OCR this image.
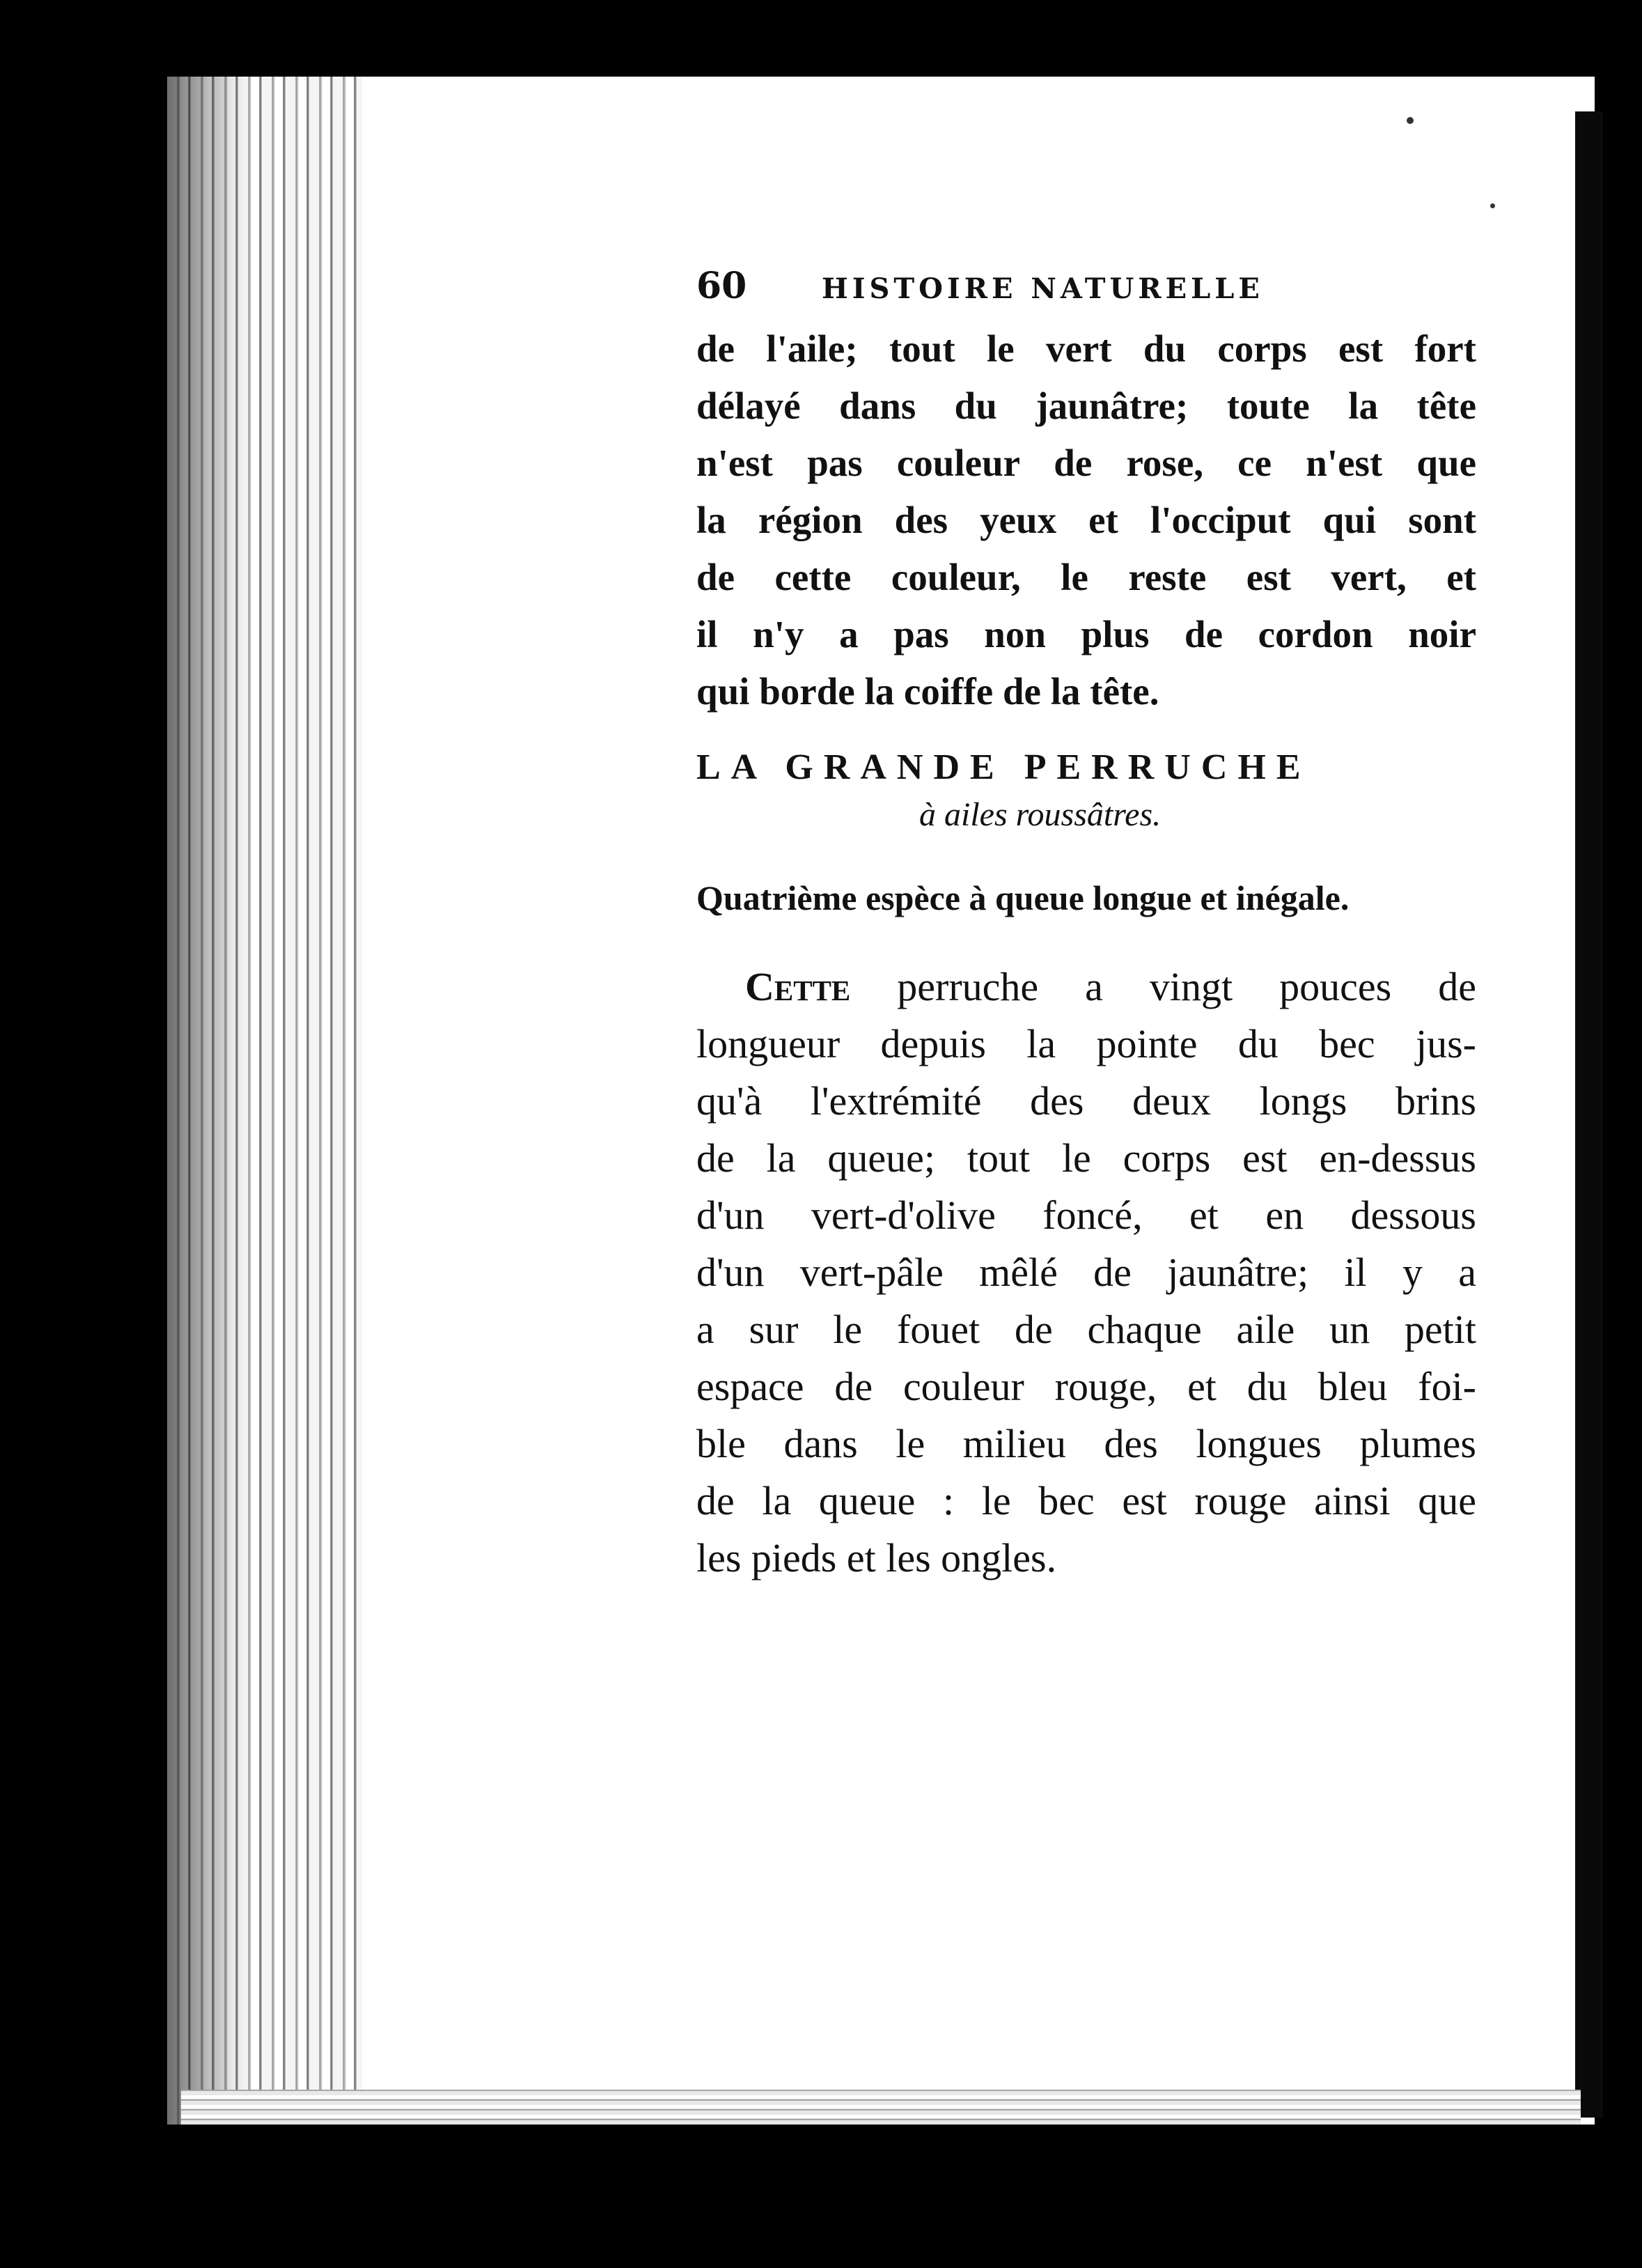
60	HISTOIRE NATURELLE
de l'aile; tout le vert du corps est fort
délayé dans du jaunâtre; toute la tête
n'est pas couleur de rose, ce n'est que
la région des yeux et l'occiput qui sont
de cette couleur, le reste est vert, et
il n'y a pas non plus de cordon noir
qui borde la coiffe de la tête.
LA GRANDE PERRUCHE
à ailes roussâtres.
Quatrième espèce à queue longue et inégale.
Cette perruche a vingt pouces de
longueur depuis la pointe du bec jus-
qu'à l'extrémité des deux longs brins
de la queue; tout le corps est en-dessus
d'un vert-d'olive foncé, et en dessous
d'un vert-pâle mêlé de jaunâtre; il y a
a sur le fouet de chaque aile un petit
espace de couleur rouge, et du bleu foi-
ble dans le milieu des longues plumes
de la queue : le bec est rouge ainsi que
les pieds et les ongles.
